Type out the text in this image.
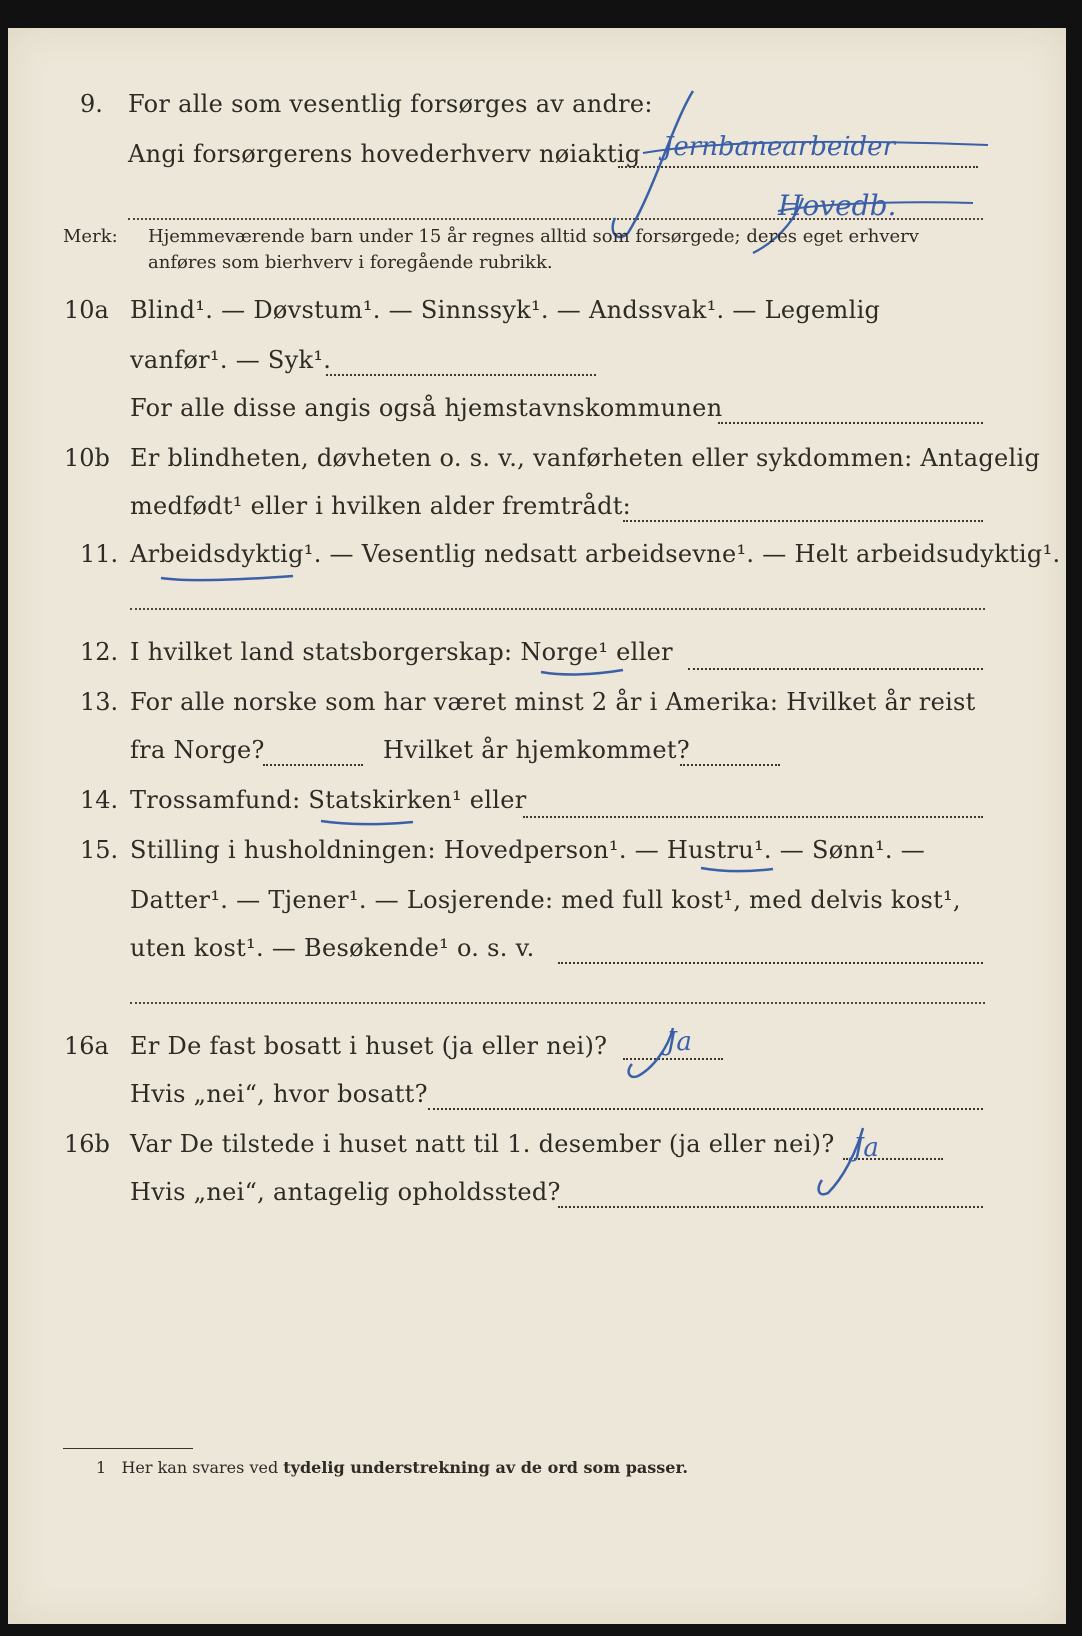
9. For alle som vesentlig forsørges av andre:
Angi forsørgerens hovederhverv nøiaktig Jernbanearbeider
Hovedb.
Merk: Hjemmeværende barn under 15 år regnes alltid som forsørgede; deres eget erhverv
anføres som bierhverv i foregående rubrikk.
10a Blind¹. — Døvstum¹. — Sinnssyk¹. — Andssvak¹. — Legemlig
vanfør¹. — Syk¹.
For alle disse angis også hjemstavnskommunen
10b Er blindheten, døvheten o. s. v., vanførheten eller sykdommen: Antagelig
medfødt¹ eller i hvilken alder fremtrådt:
11. Arbeidsdyktig¹. — Vesentlig nedsatt arbeidsevne¹. — Helt arbeidsudyktig¹.
12. I hvilket land statsborgerskap: Norge¹ eller
13. For alle norske som har været minst 2 år i Amerika: Hvilket år reist
fra Norge?	Hvilket år hjemkommet?
14. Trossamfund: Statskirken¹ eller
15. Stilling i husholdningen: Hovedperson¹. — Hustru¹. — Sønn¹. —
Datter¹. — Tjener¹. — Losjerende: med full kost¹, med delvis kost¹,
uten kost¹. — Besøkende¹ o. s. v.
16a Er De fast bosatt i huset (ja eller nei)? Ja
Hvis „nei“, hvor bosatt?
16b Var De tilstede i huset natt til 1. desember (ja eller nei)? Ja
Hvis „nei“, antagelig opholdssted?
1 Her kan svares ved tydelig understrekning av de ord som passer.
